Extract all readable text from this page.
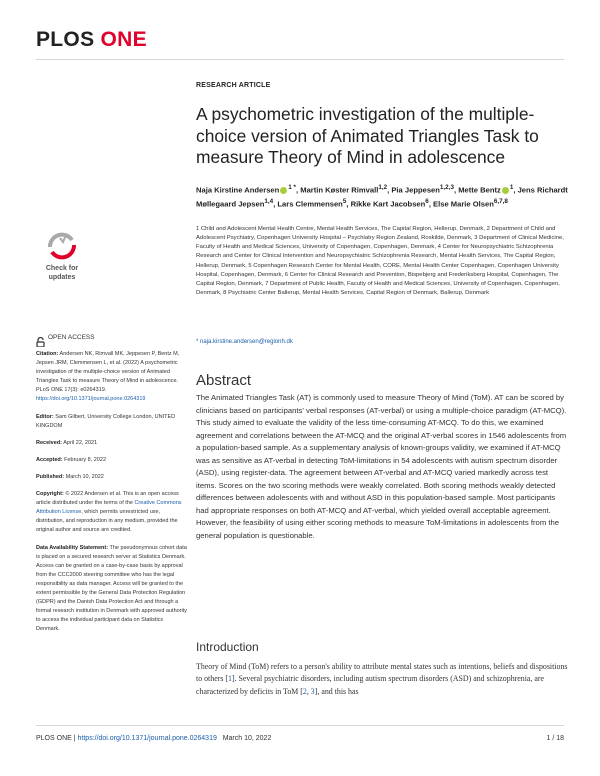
PLOS ONE
RESEARCH ARTICLE
A psychometric investigation of the multiple-choice version of Animated Triangles Task to measure Theory of Mind in adolescence
Naja Kirstine Andersen $^{1 *}$, Martin Køster Rimvall$^{1,2}$, Pia Jeppesen$^{1,2,3}$, Mette Bentz $^1$, Jens Richardt Møllegaard Jepsen$^{1,4}$, Lars Clemmensen$^5$, Rikke Kart Jacobsen$^6$, Else Marie Olsen$^{6,7,8}$
1 Child and Adolescent Mental Health Centre, Mental Health Services, The Capital Region, Hellerup, Denmark, 2 Department of Child and Adolescent Psychiatry, Copenhagen University Hospital – Psychiatry Region Zealand, Roskilde, Denmark, 3 Department of Clinical Medicine, Faculty of Health and Medical Sciences, University of Copenhagen, Copenhagen, Denmark, 4 Center for Neuropsychiatric Schizophrenia Research and Center for Clinical Intervention and Neuropsychiatric Schizophrenia Research, Mental Health Services, The Capital Region, Hellerup, Denmark, 5 Copenhagen Research Center for Mental Health, CORE, Mental Health Center Copenhagen, Copenhagen University Hospital, Copenhagen, Denmark, 6 Center for Clinical Research and Prevention, Bispebjerg and Frederiksberg Hospital, Copenhagen, The Capital Region, Denmark, 7 Department of Public Health, Faculty of Health and Medical Sciences, University of Copenhagen, Copenhagen, Denmark, 8 Psychiatric Center Ballerup, Mental Health Services, Capital Region of Denmark, Ballerup, Denmark
* naja.kirstine.andersen@regionh.dk
Abstract
The Animated Triangles Task (AT) is commonly used to measure Theory of Mind (ToM). AT can be scored by clinicians based on participants' verbal responses (AT-verbal) or using a multiple-choice paradigm (AT-MCQ). This study aimed to evaluate the validity of the less time-consuming AT-MCQ. To do this, we examined agreement and correlations between the AT-MCQ and the original AT-verbal scores in 1546 adolescents from a population-based sample. As a supplementary analysis of known-groups validity, we examined if AT-MCQ was as sensitive as AT-verbal in detecting ToM-limitations in 54 adolescents with autism spectrum disorder (ASD), using register-data. The agreement between AT-verbal and AT-MCQ varied markedly across test items. Scores on the two scoring methods were weakly correlated. Both scoring methods weakly detected differences between adolescents with and without ASD in this population-based sample. Most participants had appropriate responses on both AT-MCQ and AT-verbal, which yielded overall acceptable agreement. However, the feasibility of using either scoring methods to measure ToM-limitations in adolescents from the general population is questionable.
Introduction
Theory of Mind (ToM) refers to a person's ability to attribute mental states such as intentions, beliefs and dispositions to others [1]. Several psychiatric disorders, including autism spectrum disorders (ASD) and schizophrenia, are characterized by deficits in ToM [2, 3], and this has
Check for
updates
OPEN ACCESS

Citation: Andersen NK, Rimvall MK, Jeppesen P, Bentz M, Jepsen JRM, Clemmensen L, et al. (2022) A psychometric investigation of the multiple-choice version of Animated Triangles Task to measure Theory of Mind in adolescence. PLoS ONE 17(3): e0264319. https://doi.org/10.1371/journal.pone.0264319

Editor: Sam Gilbert, University College London, UNITED KINGDOM

Received: April 22, 2021

Accepted: February 8, 2022

Published: March 10, 2022

Copyright: © 2022 Andersen et al. This is an open access article distributed under the terms of the Creative Commons Attribution License, which permits unrestricted use, distribution, and reproduction in any medium, provided the original author and source are credited.

Data Availability Statement: The pseudonymous cohort data is placed on a secured research server at Statistics Denmark. Access can be granted on a case-by-case basis by approval from the CCC2000 steering committee who has the legal responsibility as data manager. Access will be granted to the extent permissible by the General Data Protection Regulation (GDPR) and the Danish Data Protection Act and through a formal research institution in Denmark with approved authority to access the individual participant data on Statistics Denmark.

PLOS ONE | https://doi.org/10.1371/journal.pone.0264319 March 10, 2022	1 / 18
